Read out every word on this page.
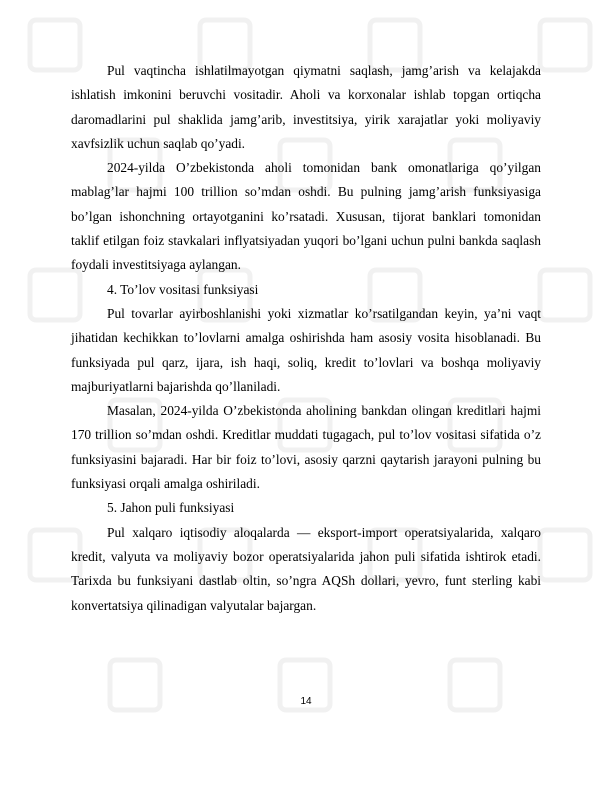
Pul vaqtincha ishlatilmayotgan qiymatni saqlash, jamg’arish va kelajakda ishlatish imkonini beruvchi vositadir. Aholi va korxonalar ishlab topgan ortiqcha daromadlarini pul shaklida jamg’arib, investitsiya, yirik xarajatlar yoki moliyaviy xavfsizlik uchun saqlab qo’yadi.

2024-yilda O’zbekistonda aholi tomonidan bank omonatlariga qo’yilgan mablag’lar hajmi 100 trillion so’mdan oshdi. Bu pulning jamg’arish funksiyasiga bo’lgan ishonchning ortayotganini ko’rsatadi. Xususan, tijorat banklari tomonidan taklif etilgan foiz stavkalari inflyatsiyadan yuqori bo’lgani uchun pulni bankda saqlash foydali investitsiyaga aylangan.

4. To’lov vositasi funksiyasi

Pul tovarlar ayirboshlanishi yoki xizmatlar ko’rsatilgandan keyin, ya’ni vaqt jihatidan kechikkan to’lovlarni amalga oshirishda ham asosiy vosita hisoblanadi. Bu funksiyada pul qarz, ijara, ish haqi, soliq, kredit to’lovlari va boshqa moliyaviy majburiyatlarni bajarishda qo’llaniladi.

Masalan, 2024-yilda O’zbekistonda aholining bankdan olingan kreditlari hajmi 170 trillion so’mdan oshdi. Kreditlar muddati tugagach, pul to’lov vositasi sifatida o’z funksiyasini bajaradi. Har bir foiz to’lovi, asosiy qarzni qaytarish jarayoni pulning bu funksiyasi orqali amalga oshiriladi.

5. Jahon puli funksiyasi

Pul xalqaro iqtisodiy aloqalarda — eksport-import operatsiyalarida, xalqaro kredit, valyuta va moliyaviy bozor operatsiyalarida jahon puli sifatida ishtirok etadi. Tarixda bu funksiyani dastlab oltin, so’ngra AQSh dollari, yevro, funt sterling kabi konvertatsiya qilinadigan valyutalar bajargan.

14
